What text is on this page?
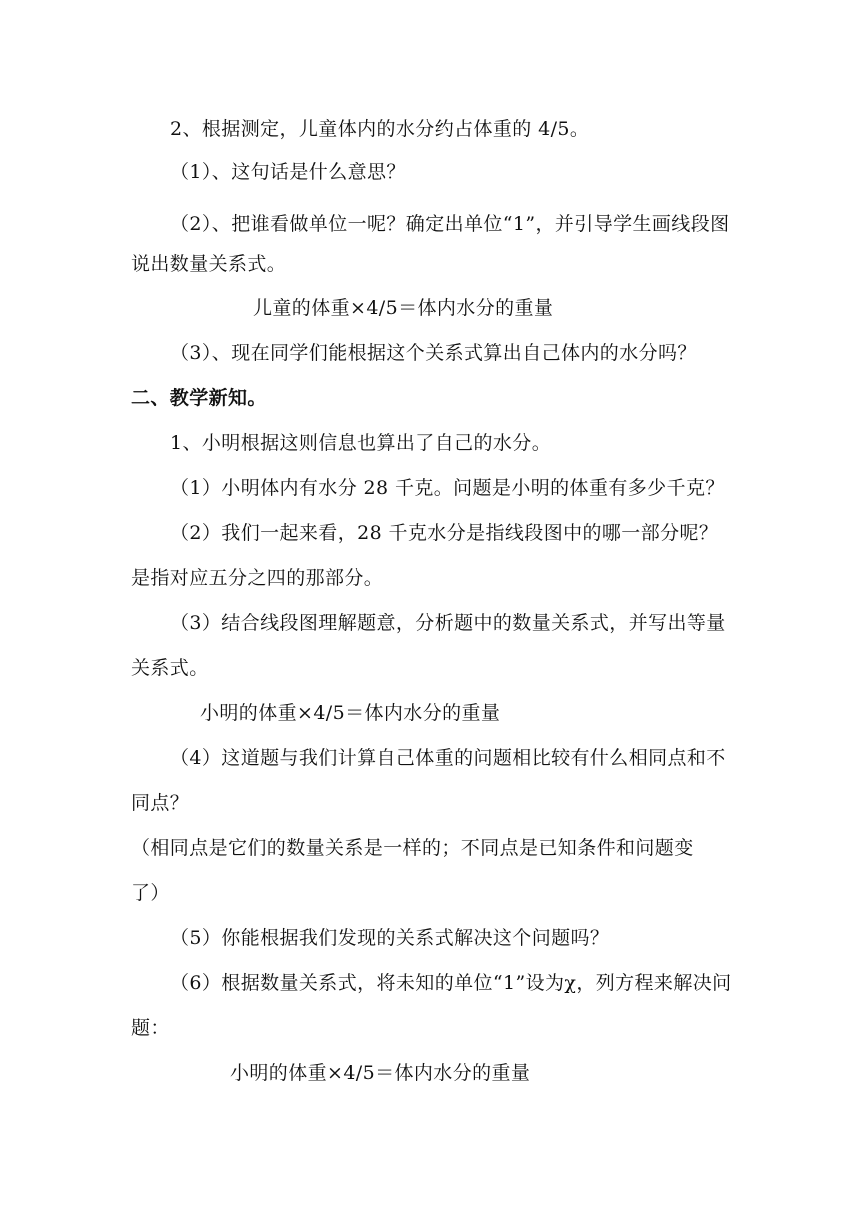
2、根据测定，儿童体内的水分约占体重的 4/5。

（1）、这句话是什么意思？

（2）、把谁看做单位一呢？确定出单位“1”，并引导学生画线段图

说出数量关系式。

儿童的体重×4/5＝体内水分的重量

（3）、现在同学们能根据这个关系式算出自己体内的水分吗？

二、教学新知。

1、小明根据这则信息也算出了自己的水分。

（1）小明体内有水分 28 千克。问题是小明的体重有多少千克？

（2）我们一起来看，28 千克水分是指线段图中的哪一部分呢？

是指对应五分之四的那部分。

（3）结合线段图理解题意，分析题中的数量关系式，并写出等量

关系式。

小明的体重×4/5＝体内水分的重量

（4）这道题与我们计算自己体重的问题相比较有什么相同点和不

同点？

（相同点是它们的数量关系是一样的；不同点是已知条件和问题变

了）

（5）你能根据我们发现的关系式解决这个问题吗？

（6）根据数量关系式，将未知的单位“1”设为χ，列方程来解决问

题：

小明的体重×4/5＝体内水分的重量
